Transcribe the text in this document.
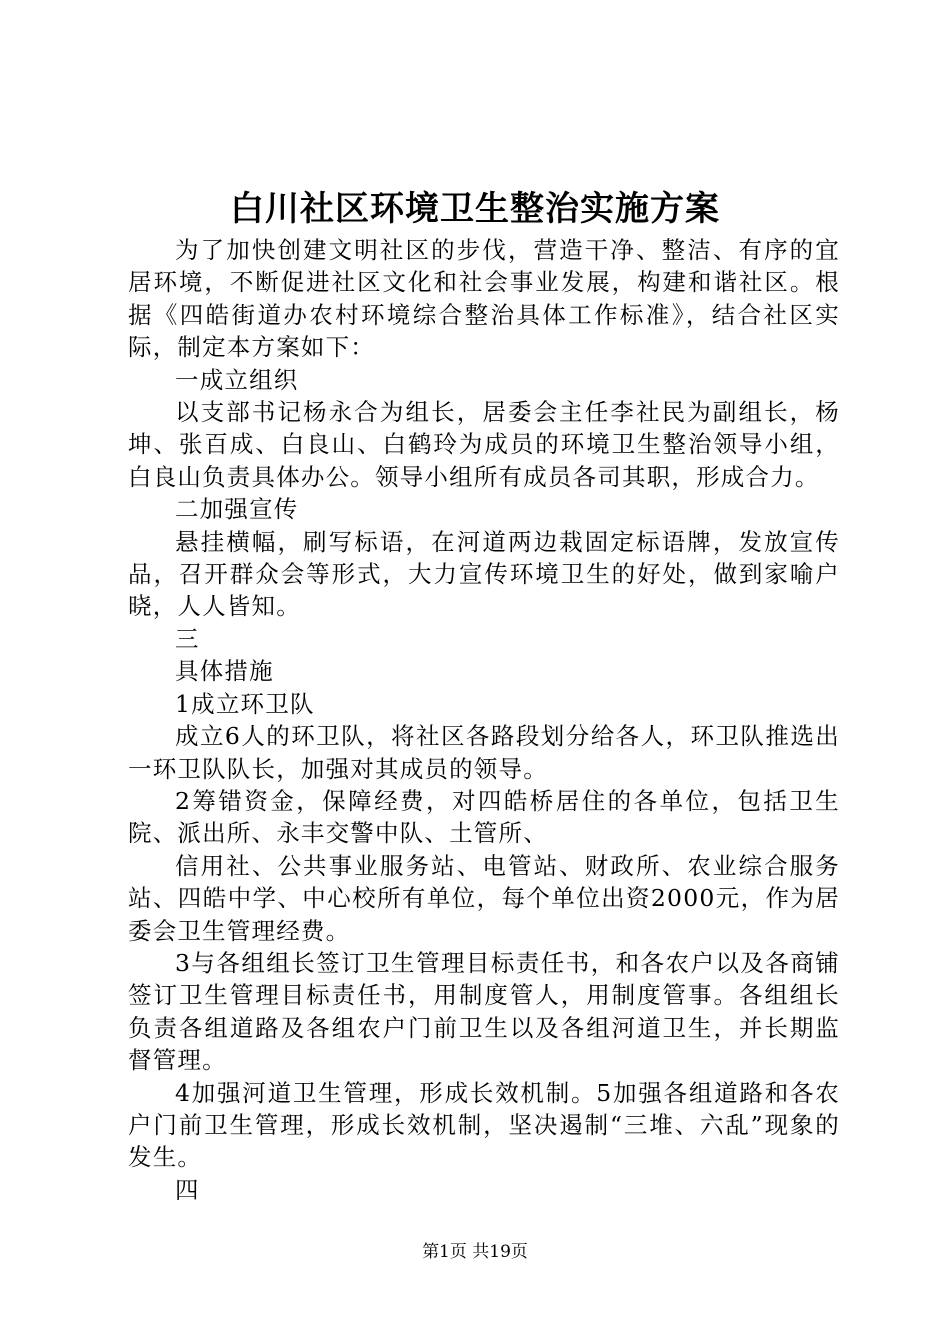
白川社区环境卫生整治实施方案

为了加快创建文明社区的步伐，营造干净、整洁、有序的宜居环境，不断促进社区文化和社会事业发展，构建和谐社区。根据《四皓街道办农村环境综合整治具体工作标准》，结合社区实际，制定本方案如下：

一成立组织

以支部书记杨永合为组长，居委会主任李社民为副组长，杨坤、张百成、白良山、白鹤玲为成员的环境卫生整治领导小组，白良山负责具体办公。领导小组所有成员各司其职，形成合力。

二加强宣传

悬挂横幅，刷写标语，在河道两边栽固定标语牌，发放宣传品，召开群众会等形式，大力宣传环境卫生的好处，做到家喻户晓，人人皆知。

三

具体措施

1成立环卫队

成立6人的环卫队，将社区各路段划分给各人，环卫队推选出一环卫队队长，加强对其成员的领导。

2筹错资金，保障经费，对四皓桥居住的各单位，包括卫生院、派出所、永丰交警中队、土管所、

信用社、公共事业服务站、电管站、财政所、农业综合服务站、四皓中学、中心校所有单位，每个单位出资2000元，作为居委会卫生管理经费。

3与各组组长签订卫生管理目标责任书，和各农户以及各商铺签订卫生管理目标责任书，用制度管人，用制度管事。各组组长负责各组道路及各组农户门前卫生以及各组河道卫生，并长期监督管理。

4加强河道卫生管理，形成长效机制。5加强各组道路和各农户门前卫生管理，形成长效机制，坚决遏制“三堆、六乱”现象的发生。

四

第1页 共19页
